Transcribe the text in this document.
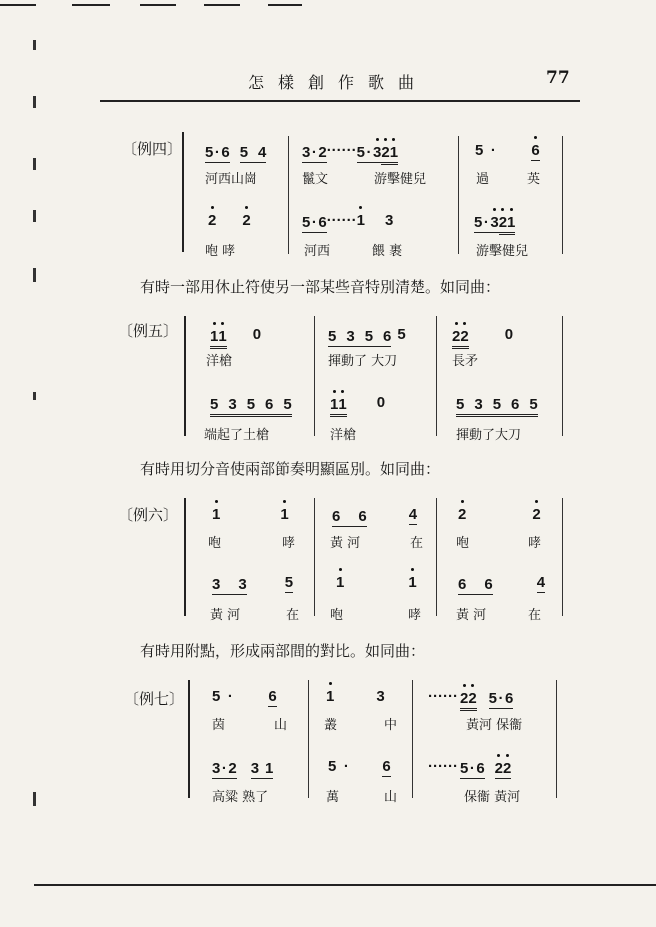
怎樣創作歌曲	77
〔例四〕 5 · 6 5 4 3 · 2 ······ 5 · 3 21	5 · 6
河西山崗	鬣文	游擊健兒	過	英
2 2	5 · 6 ······ 1 3	5 · 3 21
咆 哮	河西	餵 裹	游擊健兒
有時一部用休止符使另一部某些音特別清楚。如同曲：
〔例五〕 11 0	5 3 5 6 5	22 0
洋槍	揮動了 大刀	長矛
5 3 5 6 5	11 0	5 3 5 6 5
端起了土槍	洋槍	揮動了大刀
有時用切分音使兩部節奏明顯區別。如同曲：
〔例六〕 1	1	6 6	4	2	2
咆	哮	黃 河	在	咆	哮
3 3	5	1	1	6 6	4
黃 河	在 咆	哮	黃 河	在
有時用附點，形成兩部間的對比。如同曲：
〔例七〕 5 · 6	1	3	······ 22 5 · 6
茵	山	叢	中	黃河 保衞
3 · 2 3 1	5 · 6 ······ 5 · 6 22
高粱 熟了	萬	山	保衞 黃河
